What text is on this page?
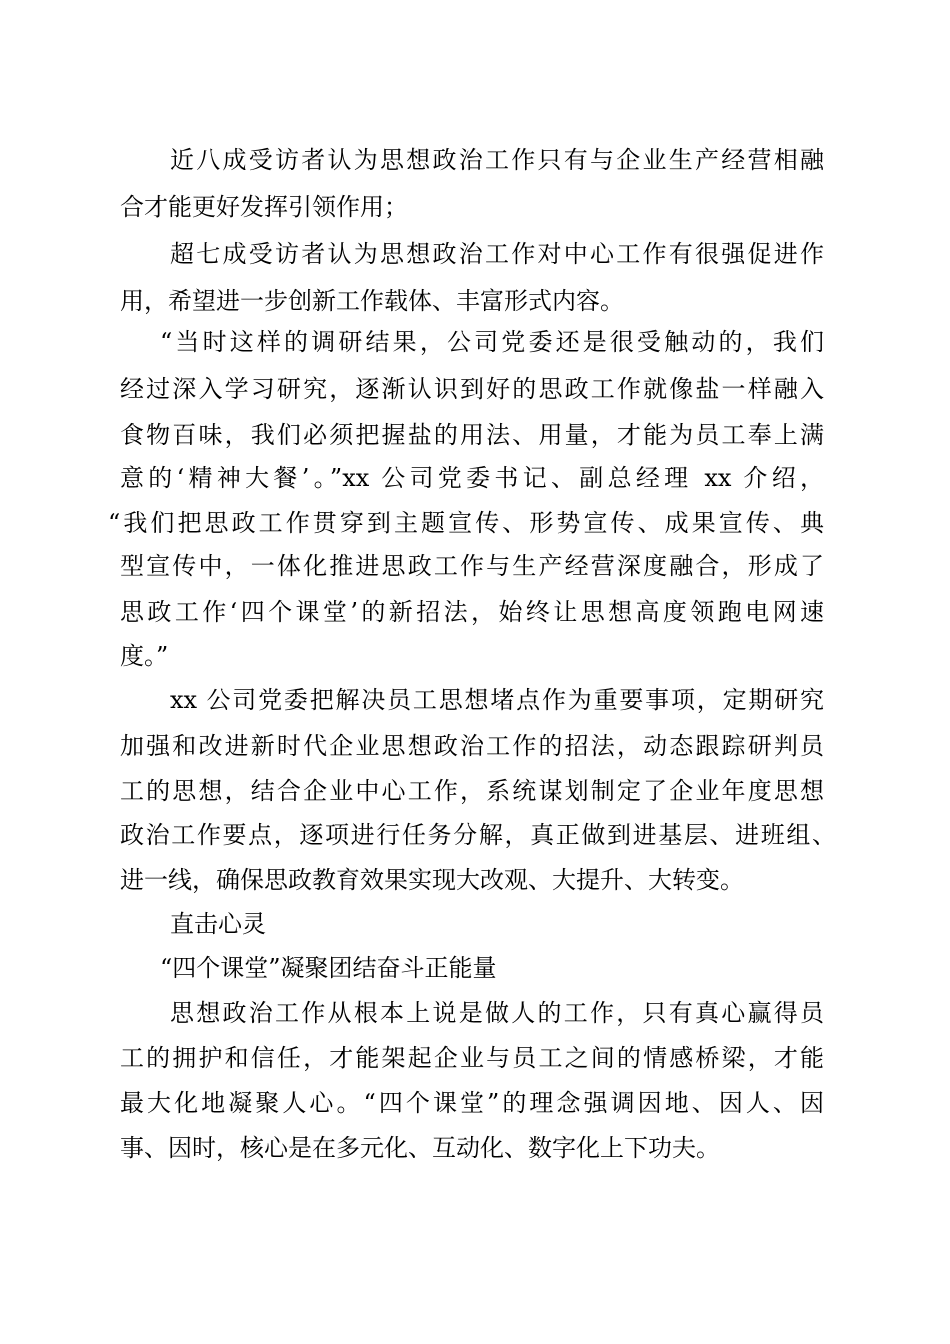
近八成受访者认为思想政治工作只有与企业生产经营相融
合才能更好发挥引领作用；
超七成受访者认为思想政治工作对中心工作有很强促进作
用，希望进一步创新工作载体、丰富形式内容。
“当时这样的调研结果，公司党委还是很受触动的，我们
经过深入学习研究，逐渐认识到好的思政工作就像盐一样融入
食物百味，我们必须把握盐的用法、用量，才能为员工奉上满
意的‘精神大餐’。”xx 公司党委书记、副总经理 xx 介绍，
“我们把思政工作贯穿到主题宣传、形势宣传、成果宣传、典
型宣传中，一体化推进思政工作与生产经营深度融合，形成了
思政工作‘四个课堂’的新招法，始终让思想高度领跑电网速
度。”
xx 公司党委把解决员工思想堵点作为重要事项，定期研究
加强和改进新时代企业思想政治工作的招法，动态跟踪研判员
工的思想，结合企业中心工作，系统谋划制定了企业年度思想
政治工作要点，逐项进行任务分解，真正做到进基层、进班组、
进一线，确保思政教育效果实现大改观、大提升、大转变。
直击心灵
“四个课堂”凝聚团结奋斗正能量
思想政治工作从根本上说是做人的工作，只有真心赢得员
工的拥护和信任，才能架起企业与员工之间的情感桥梁，才能
最大化地凝聚人心。“四个课堂”的理念强调因地、因人、因
事、因时，核心是在多元化、互动化、数字化上下功夫。
